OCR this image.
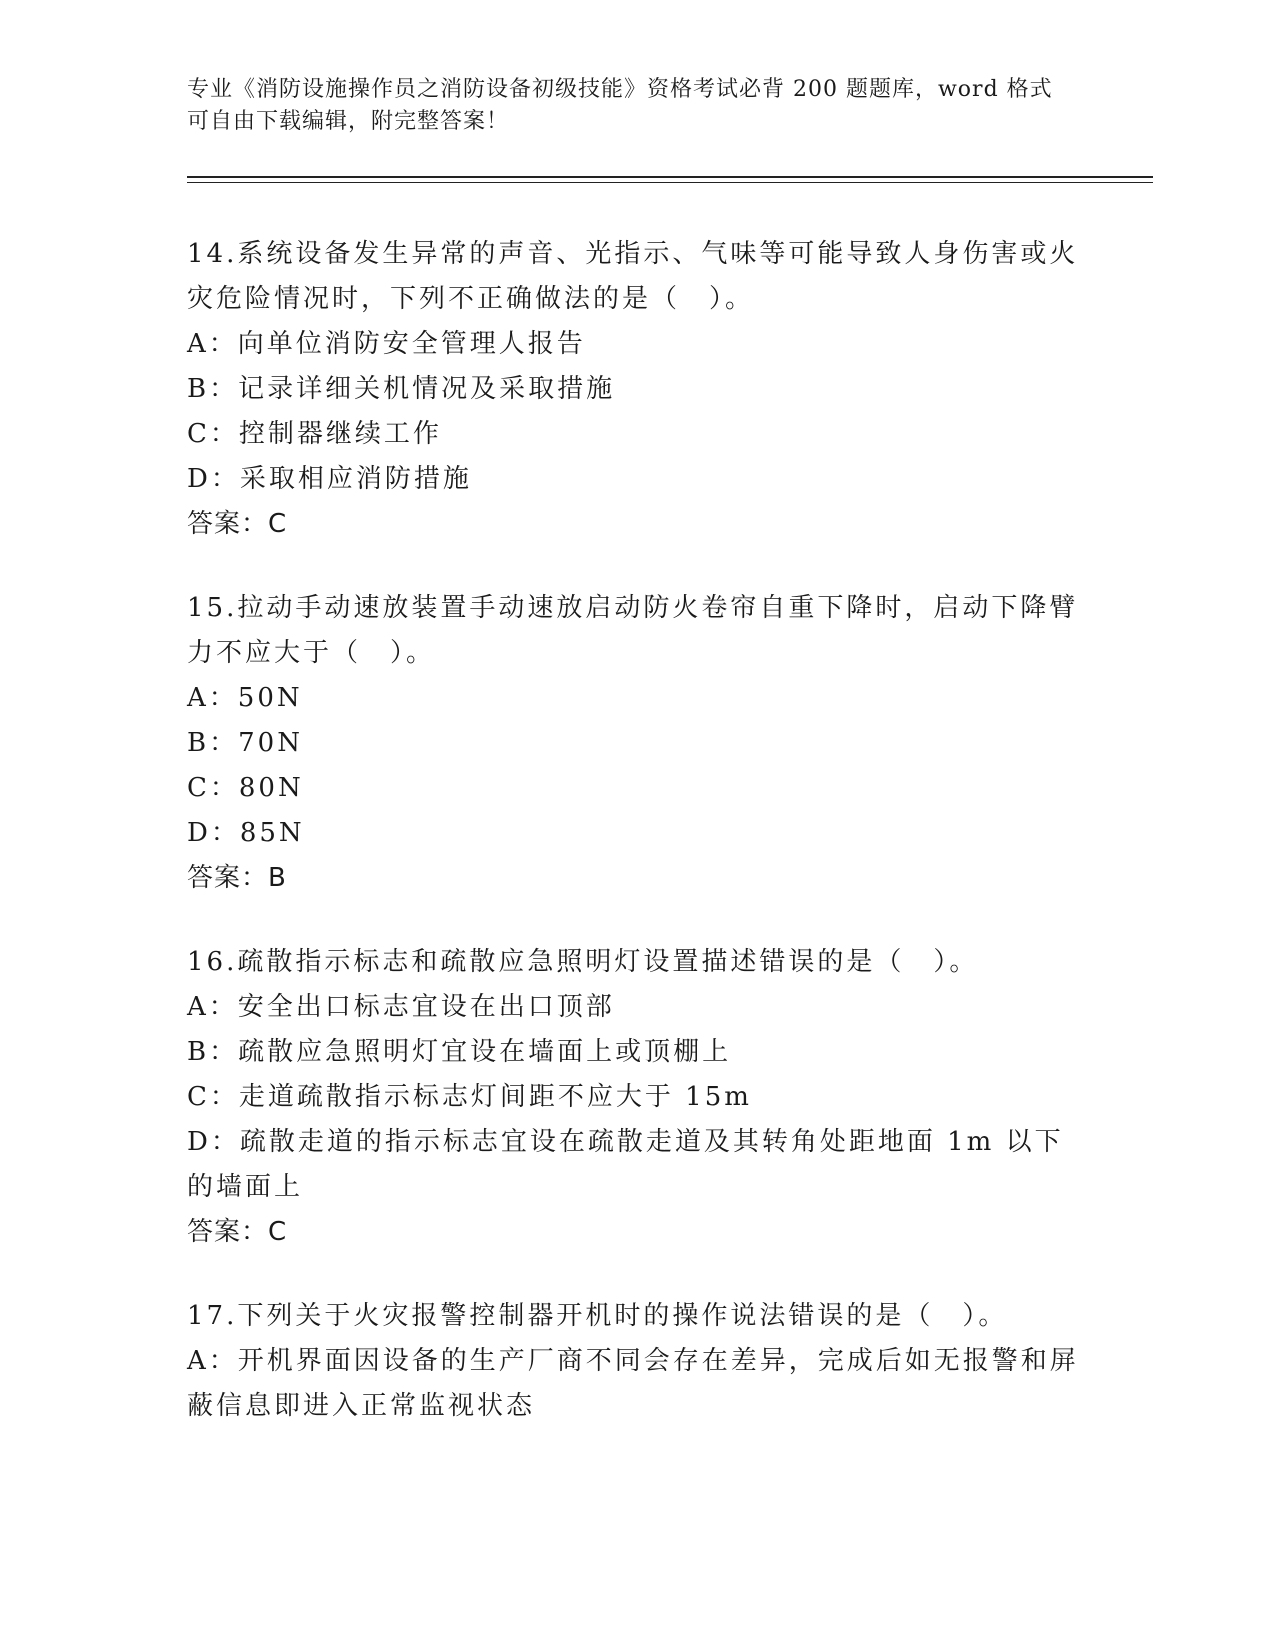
专业《消防设施操作员之消防设备初级技能》资格考试必背 200 题题库，word 格式可自由下载编辑，附完整答案！

14.系统设备发生异常的声音、光指示、气味等可能导致人身伤害或火灾危险情况时，下列不正确做法的是（　）。

A：向单位消防安全管理人报告

B：记录详细关机情况及采取措施

C：控制器继续工作

D：采取相应消防措施

答案：C

15.拉动手动速放装置手动速放启动防火卷帘自重下降时，启动下降臂力不应大于（　）。

A：50N

B：70N

C：80N

D：85N

答案：B

16.疏散指示标志和疏散应急照明灯设置描述错误的是（　）。

A：安全出口标志宜设在出口顶部

B：疏散应急照明灯宜设在墙面上或顶棚上

C：走道疏散指示标志灯间距不应大于 15m

D：疏散走道的指示标志宜设在疏散走道及其转角处距地面 1m 以下的墙面上

答案：C

17.下列关于火灾报警控制器开机时的操作说法错误的是（　）。

A：开机界面因设备的生产厂商不同会存在差异，完成后如无报警和屏蔽信息即进入正常监视状态
